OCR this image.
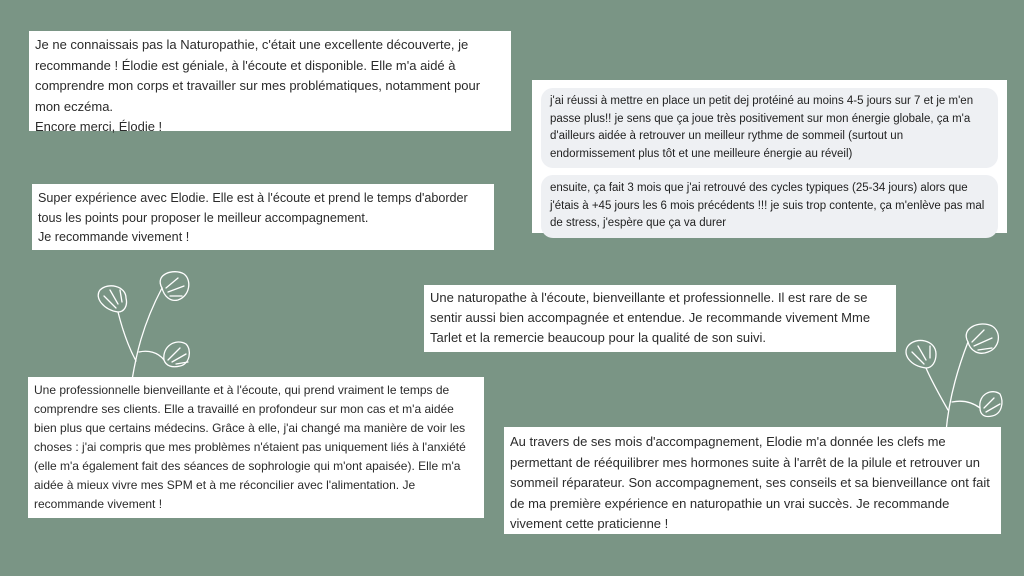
Je ne connaissais pas la Naturopathie, c'était une excellente découverte, je recommande ! Élodie est géniale, à l'écoute et disponible. Elle m'a aidé à comprendre mon corps et travailler sur mes problématiques, notamment pour mon eczéma.
Encore merci, Élodie !

Super expérience avec Elodie. Elle est à l'écoute et prend le temps d'aborder tous les points pour proposer le meilleur accompagnement.
Je recommande vivement !

j'ai réussi à mettre en place un petit dej protéiné au moins 4-5 jours sur 7 et je m'en passe plus!! je sens que ça joue très positivement sur mon énergie globale, ça m'a d'ailleurs aidée à retrouver un meilleur rythme de sommeil (surtout un endormissement plus tôt et une meilleure énergie au réveil)
ensuite, ça fait 3 mois que j'ai retrouvé des cycles typiques (25-34 jours) alors que j'étais à +45 jours les 6 mois précédents !!! je suis trop contente, ça m'enlève pas mal de stress, j'espère que ça va durer

Une naturopathe à l'écoute, bienveillante et professionnelle. Il est rare de se sentir aussi bien accompagnée et entendue. Je recommande vivement Mme Tarlet et la remercie beaucoup pour la qualité de son suivi.

Une professionnelle bienveillante et à l'écoute, qui prend vraiment le temps de comprendre ses clients. Elle a travaillé en profondeur sur mon cas et m'a aidée bien plus que certains médecins. Grâce à elle, j'ai changé ma manière de voir les choses : j'ai compris que mes problèmes n'étaient pas uniquement liés à l'anxiété (elle m'a également fait des séances de sophrologie qui m'ont apaisée). Elle m'a aidée à mieux vivre mes SPM et à me réconcilier avec l'alimentation. Je recommande vivement !

Au travers de ses mois d'accompagnement, Elodie m'a donnée les clefs me permettant de rééquilibrer mes hormones suite à l'arrêt de la pilule et retrouver un sommeil réparateur. Son accompagnement, ses conseils et sa bienveillance ont fait de ma première expérience en naturopathie un vrai succès. Je recommande vivement cette praticienne !
